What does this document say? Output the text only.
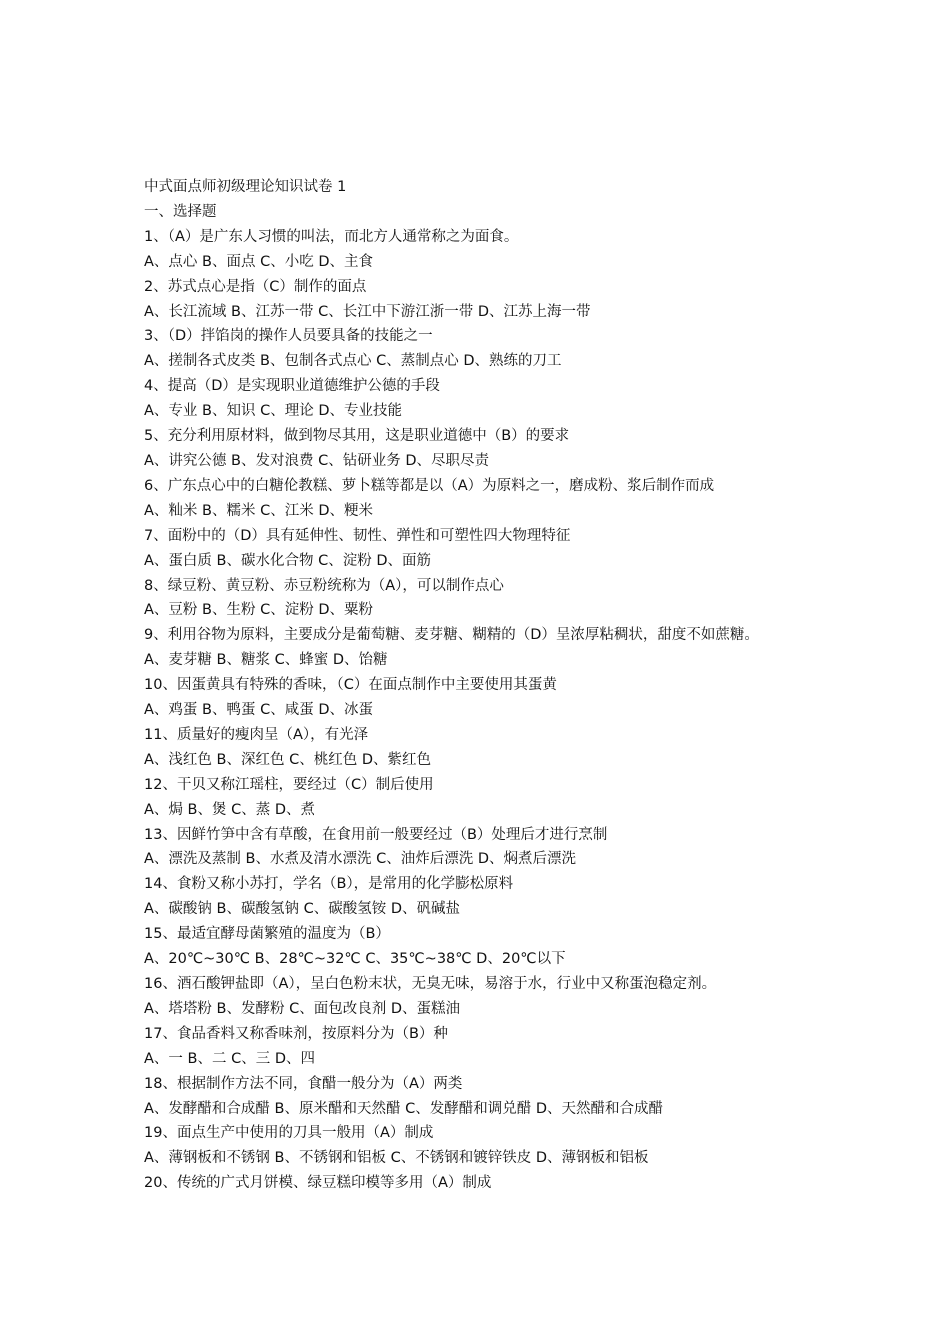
中式面点师初级理论知识试卷 1
一、选择题
1、（A）是广东人习惯的叫法，而北方人通常称之为面食。
A、点心 B、面点 C、小吃 D、主食
2、苏式点心是指（C）制作的面点
A、长江流域 B、江苏一带 C、长江中下游江浙一带 D、江苏上海一带
3、（D）拌馅岗的操作人员要具备的技能之一
A、搓制各式皮类 B、包制各式点心 C、蒸制点心 D、熟练的刀工
4、提高（D）是实现职业道德维护公德的手段
A、专业 B、知识 C、理论 D、专业技能
5、充分利用原材料，做到物尽其用，这是职业道德中（B）的要求
A、讲究公德 B、发对浪费 C、钻研业务 D、尽职尽责
6、广东点心中的白糖伦教糕、萝卜糕等都是以（A）为原料之一，磨成粉、浆后制作而成
A、籼米 B、糯米 C、江米 D、粳米
7、面粉中的（D）具有延伸性、韧性、弹性和可塑性四大物理特征
A、蛋白质 B、碳水化合物 C、淀粉 D、面筋
8、绿豆粉、黄豆粉、赤豆粉统称为（A），可以制作点心
A、豆粉 B、生粉 C、淀粉 D、粟粉
9、利用谷物为原料，主要成分是葡萄糖、麦芽糖、糊精的（D）呈浓厚粘稠状，甜度不如蔗糖。
A、麦芽糖 B、糖浆 C、蜂蜜 D、饴糖
10、因蛋黄具有特殊的香味，（C）在面点制作中主要使用其蛋黄
A、鸡蛋 B、鸭蛋 C、咸蛋 D、冰蛋
11、质量好的瘦肉呈（A），有光泽
A、浅红色 B、深红色 C、桃红色 D、紫红色
12、干贝又称江瑶柱，要经过（C）制后使用
A、焗 B、煲 C、蒸 D、煮
13、因鲜竹笋中含有草酸，在食用前一般要经过（B）处理后才进行烹制
A、漂洗及蒸制 B、水煮及清水漂洗 C、油炸后漂洗 D、焖煮后漂洗
14、食粉又称小苏打，学名（B），是常用的化学膨松原料
A、碳酸钠 B、碳酸氢钠 C、碳酸氢铵 D、矾碱盐
15、最适宜酵母菌繁殖的温度为（B）
A、20℃~30℃ B、28℃~32℃ C、35℃~38℃ D、20℃以下
16、酒石酸钾盐即（A），呈白色粉末状，无臭无味，易溶于水，行业中又称蛋泡稳定剂。
A、塔塔粉 B、发酵粉 C、面包改良剂 D、蛋糕油
17、食品香料又称香味剂，按原料分为（B）种
A、一 B、二 C、三 D、四
18、根据制作方法不同，食醋一般分为（A）两类
A、发酵醋和合成醋 B、原米醋和天然醋 C、发酵醋和调兑醋 D、天然醋和合成醋
19、面点生产中使用的刀具一般用（A）制成
A、薄钢板和不锈钢 B、不锈钢和铝板 C、不锈钢和镀锌铁皮 D、薄钢板和铝板
20、传统的广式月饼模、绿豆糕印模等多用（A）制成
